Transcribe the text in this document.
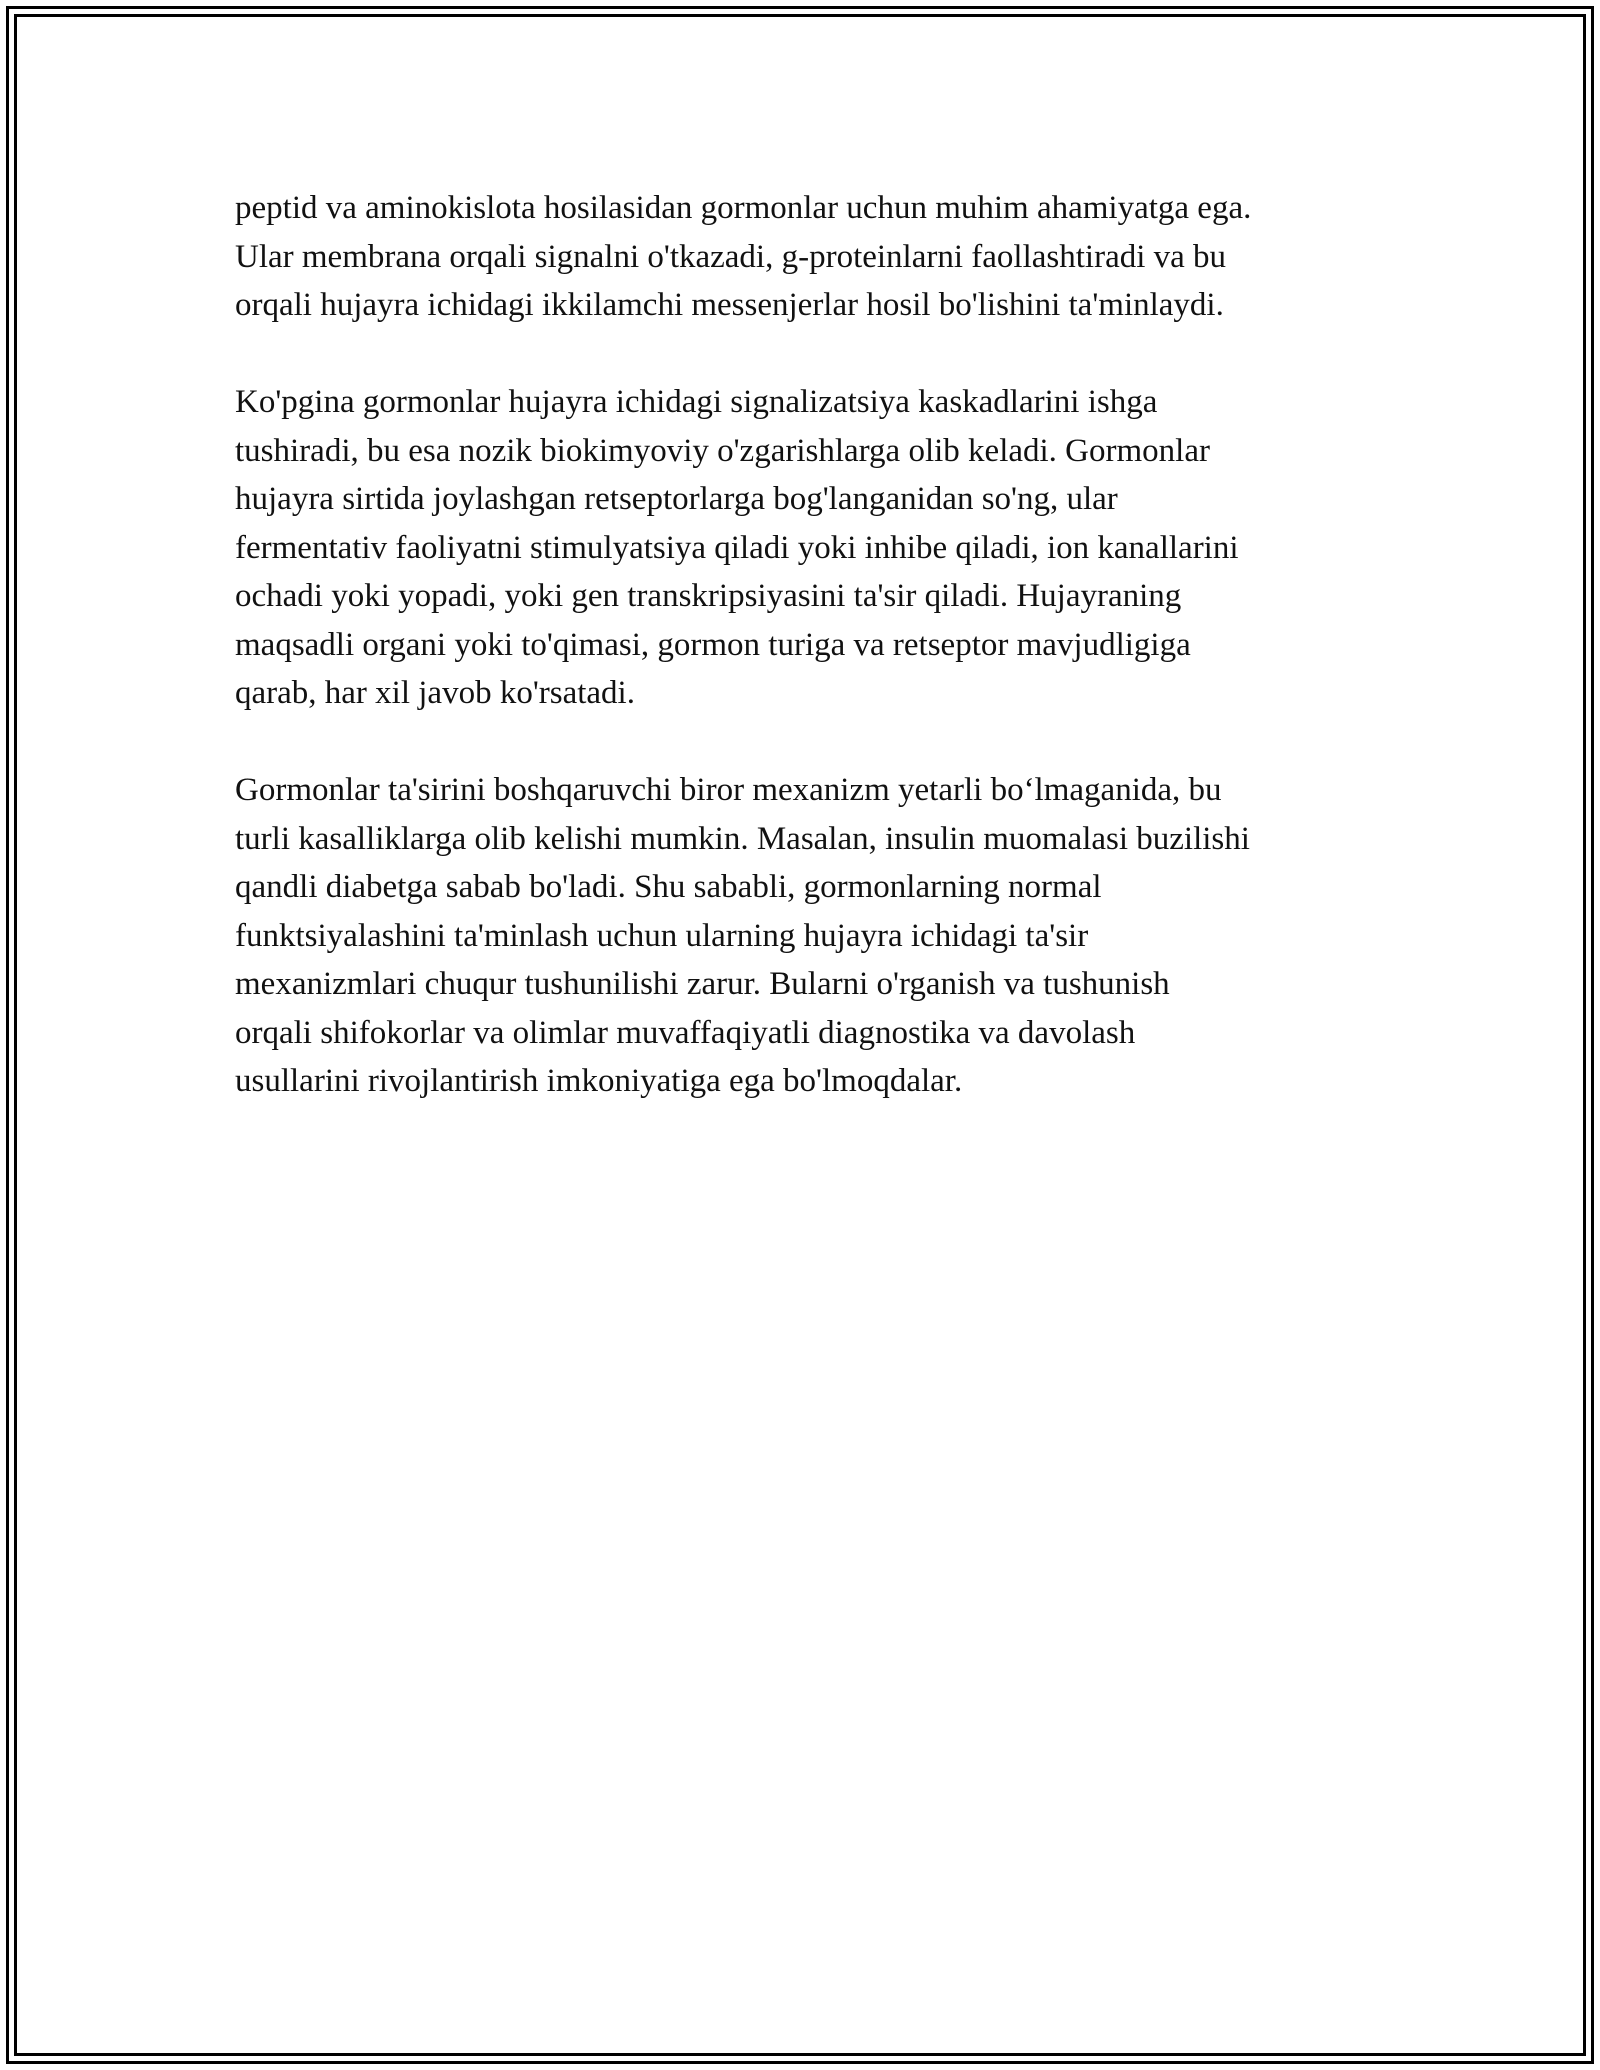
peptid va aminokislota hosilasidan gormonlar uchun muhim ahamiyatga ega.
Ular membrana orqali signalni o'tkazadi, g-proteinlarni faollashtiradi va bu
orqali hujayra ichidagi ikkilamchi messenjerlar hosil bo'lishini ta'minlaydi.

Ko'pgina gormonlar hujayra ichidagi signalizatsiya kaskadlarini ishga
tushiradi, bu esa nozik biokimyoviy o'zgarishlarga olib keladi. Gormonlar
hujayra sirtida joylashgan retseptorlarga bog'langanidan so'ng, ular
fermentativ faoliyatni stimulyatsiya qiladi yoki inhibe qiladi, ion kanallarini
ochadi yoki yopadi, yoki gen transkripsiyasini ta'sir qiladi. Hujayraning
maqsadli organi yoki to'qimasi, gormon turiga va retseptor mavjudligiga
qarab, har xil javob ko'rsatadi.

Gormonlar ta'sirini boshqaruvchi biror mexanizm yetarli bo‘lmaganida, bu
turli kasalliklarga olib kelishi mumkin. Masalan, insulin muomalasi buzilishi
qandli diabetga sabab bo'ladi. Shu sababli, gormonlarning normal
funktsiyalashini ta'minlash uchun ularning hujayra ichidagi ta'sir
mexanizmlari chuqur tushunilishi zarur. Bularni o'rganish va tushunish
orqali shifokorlar va olimlar muvaffaqiyatli diagnostika va davolash
usullarini rivojlantirish imkoniyatiga ega bo'lmoqdalar.
